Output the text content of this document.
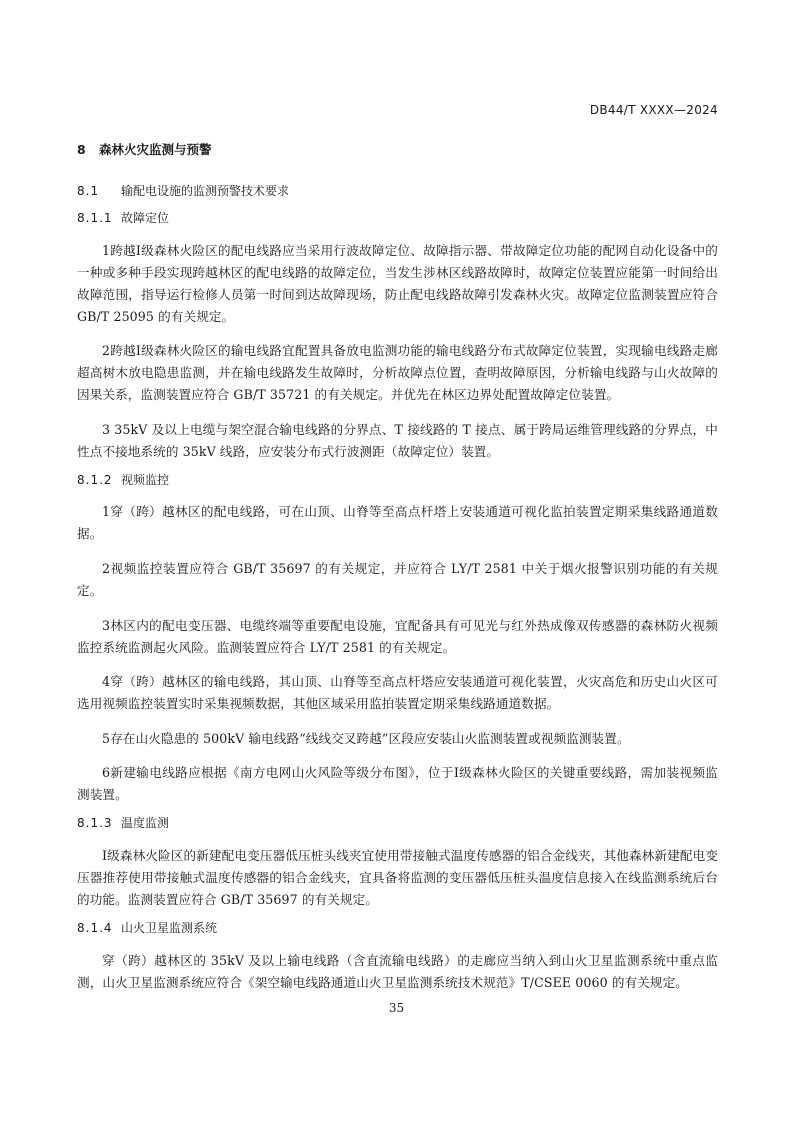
DB44/T XXXX—2024
8 森林火灾监测与预警
8.1 输配电设施的监测预警技术要求
8.1.1 故障定位

1跨越Ⅰ级森林火险区的配电线路应当采用行波故障定位、故障指示器、带故障定位功能的配网自动化设备中的一种或多种手段实现跨越林区的配电线路的故障定位，当发生涉林区线路故障时，故障定位装置应能第一时间给出故障范围，指导运行检修人员第一时间到达故障现场，防止配电线路故障引发森林火灾。故障定位监测装置应符合 GB/T 25095 的有关规定。

2跨越Ⅰ级森林火险区的输电线路宜配置具备放电监测功能的输电线路分布式故障定位装置，实现输电线路走廊超高树木放电隐患监测，并在输电线路发生故障时，分析故障点位置，查明故障原因，分析输电线路与山火故障的因果关系，监测装置应符合 GB/T 35721 的有关规定。并优先在林区边界处配置故障定位装置。

3 35kV 及以上电缆与架空混合输电线路的分界点、T 接线路的 T 接点、属于跨局运维管理线路的分界点，中性点不接地系统的 35kV 线路，应安装分布式行波测距（故障定位）装置。

8.1.2 视频监控

1穿（跨）越林区的配电线路，可在山顶、山脊等至高点杆塔上安装通道可视化监拍装置定期采集线路通道数据。

2视频监控装置应符合 GB/T 35697 的有关规定，并应符合 LY/T 2581 中关于烟火报警识别功能的有关规定。

3林区内的配电变压器、电缆终端等重要配电设施，宜配备具有可见光与红外热成像双传感器的森林防火视频监控系统监测起火风险。监测装置应符合 LY/T 2581 的有关规定。

4穿（跨）越林区的输电线路，其山顶、山脊等至高点杆塔应安装通道可视化装置，火灾高危和历史山火区可选用视频监控装置实时采集视频数据，其他区域采用监拍装置定期采集线路通道数据。

5存在山火隐患的 500kV 输电线路“线线交叉跨越”区段应安装山火监测装置或视频监测装置。

6新建输电线路应根据《南方电网山火风险等级分布图》，位于Ⅰ级森林火险区的关键重要线路，需加装视频监测装置。

8.1.3 温度监测

Ⅰ级森林火险区的新建配电变压器低压桩头线夹宜使用带接触式温度传感器的铝合金线夹，其他森林新建配电变压器推荐使用带接触式温度传感器的铝合金线夹，宜具备将监测的变压器低压桩头温度信息接入在线监测系统后台的功能。监测装置应符合 GB/T 35697 的有关规定。

8.1.4 山火卫星监测系统

穿（跨）越林区的 35kV 及以上输电线路（含直流输电线路）的走廊应当纳入到山火卫星监测系统中重点监测，山火卫星监测系统应符合《架空输电线路通道山火卫星监测系统技术规范》T/CSEE 0060 的有关规定。

35
